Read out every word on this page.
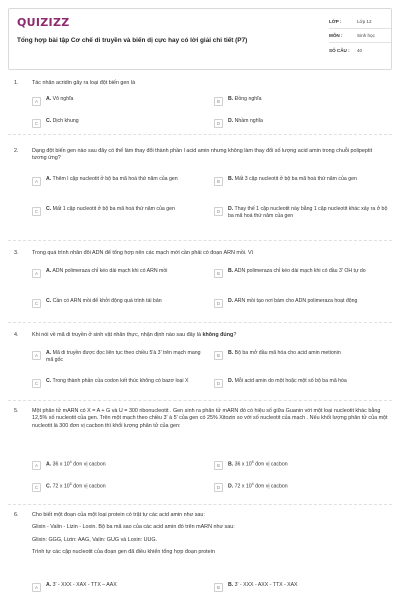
QUIZIZZ
Tổng hợp bài tập Cơ chế di truyền và biến dị cực hay có lời giải chi tiết (P7)
LỚP :	Lớp 12
MÔN :	Sinh học
SỐ CÂU :	40
1.	Tác nhân acridin gây ra loại đột biến gen là
A	A. Vô nghĩa	B	B. Đồng nghĩa
C	C. Dịch khung	D	D. Nhầm nghĩa
2.	Dạng đột biến gen nào sau đây có thể làm thay đổi thành phần l acid amin nhưng không làm thay đổi số lượng acid amin trong chuỗi polipeptit tương ứng?
A	A. Thêm l cặp nucleotit ở bộ ba mã hoá thứ năm của gen	B	B. Mất 3 cặp nucleotit ở bộ ba mã hoá thứ năm của gen
C	C. Mất 1 cặp nucleotit ở bộ ba mã hoá thứ năm của gen	D	D. Thay thế 1 cặp nucleotit này bằng 1 cặp nucleotit khác xảy ra ở bộ ba mã hoá thứ năm của gen
3.	Trong quá trình nhân đôi ADN để tổng hợp nên các mạch mới cần phải có đoạn ARN mồi. Vì
A	A. ADN polimeraza chỉ kéo dài mạch khi có ARN mồi	B	B. ADN polimeraza chỉ kéo dài mạch khi có đầu 3' OH tự do
C	C. Cần có ARN mồi để khởi động quá trình tái bản	D	D. ARN mồi tạo nơi bám cho ADN polimeraza hoạt động
4.	Khi nói về mã di truyền ở sinh vật nhân thực, nhận định nào sau đây là không đúng?
A	A. Mã di truyền được đọc liên tục theo chiều 5'à 3' trên mạch mang mã gốc
B	B. Bộ ba mở đầu mã hóa cho acid amin metionin
C	C. Trong thành phần của codon kết thúc không có bazơ loại X	D	D. Mỗi acid amin do một hoặc một số bộ ba mã hóa
5.	Một phân tử mARN có X = A + G và U = 300 ribonucleotit . Gen sinh ra phân tử mARN đó có hiệu số giữa Guanin với một loại nucleotit khác bằng 12,5% số nucleotit của gen. Trên một mạch theo chiều 3' à 5' của gen có 25% Xitozin so với số nucleotit của mạch . Nếu khối lượng phân tử của một nucleotit là 300 đơn vị cacbon thì khối lượng phân tử của gen:
A	A. 36 x $10^4$ đơn vị cacbon	B	B. 36 x $10^5$ đơn vị cacbon
C	C. 72 x $10^5$ đơn vị cacbon	D	D. 72 x $10^4$ đơn vị cacbon
6.	Cho biết một đoạn của một loại protein có trật tự các acid amin như sau:
Glixin - Valin - Lizin - Loxin. Bộ ba mã sao của các acid amin đó trên mARN như sau:
Glixin: GGG, Lizin: AAG, Valin: GUG và Loxin: UUG.
Trình tự các cặp nucleotit của đoạn gen đã điều khiển tổng hợp đoạn protein
A	A. 3' - XXX - XAX - TTX – AAX	B	B. 3' - XXX - AXX - TTX - XAX
